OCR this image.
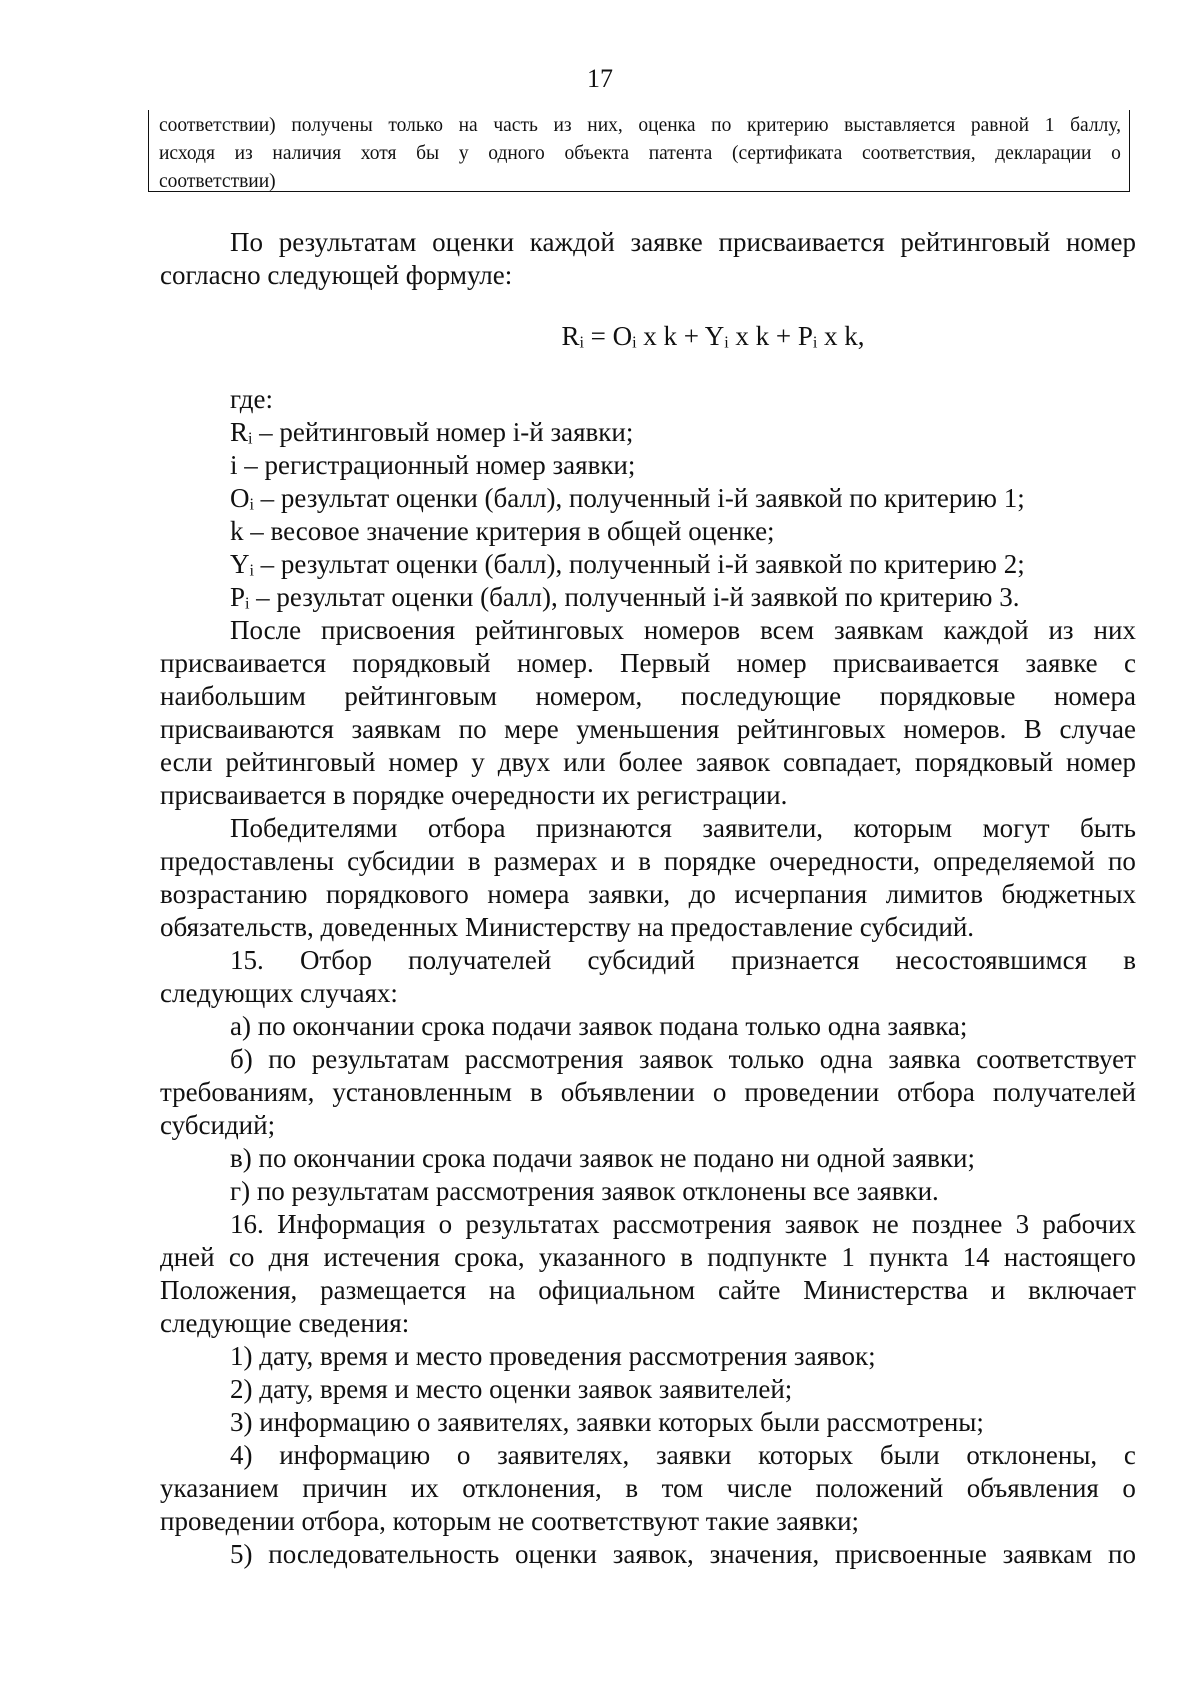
17
соответствии) получены только на часть из них, оценка по критерию выставляется равной 1 баллу,
исходя из наличия хотя бы у одного объекта патента (сертификата соответствия, декларации о
соответствии)
По результатам оценки каждой заявке присваивается рейтинговый номер
согласно следующей формуле:
Rᵢ = Oᵢ x k + Yᵢ x k + Pᵢ x k,
где:
Rᵢ – рейтинговый номер i-й заявки;
i – регистрационный номер заявки;
Oᵢ – результат оценки (балл), полученный i-й заявкой по критерию 1;
k – весовое значение критерия в общей оценке;
Yᵢ – результат оценки (балл), полученный i-й заявкой по критерию 2;
Pᵢ – результат оценки (балл), полученный i-й заявкой по критерию 3.
После присвоения рейтинговых номеров всем заявкам каждой из них
присваивается порядковый номер. Первый номер присваивается заявке с
наибольшим рейтинговым номером, последующие порядковые номера
присваиваются заявкам по мере уменьшения рейтинговых номеров. В случае
если рейтинговый номер у двух или более заявок совпадает, порядковый номер
присваивается в порядке очередности их регистрации.
Победителями отбора признаются заявители, которым могут быть
предоставлены субсидии в размерах и в порядке очередности, определяемой по
возрастанию порядкового номера заявки, до исчерпания лимитов бюджетных
обязательств, доведенных Министерству на предоставление субсидий.
15. Отбор получателей субсидий признается несостоявшимся в
следующих случаях:
а) по окончании срока подачи заявок подана только одна заявка;
б) по результатам рассмотрения заявок только одна заявка соответствует
требованиям, установленным в объявлении о проведении отбора получателей
субсидий;
в) по окончании срока подачи заявок не подано ни одной заявки;
г) по результатам рассмотрения заявок отклонены все заявки.
16. Информация о результатах рассмотрения заявок не позднее 3 рабочих
дней со дня истечения срока, указанного в подпункте 1 пункта 14 настоящего
Положения, размещается на официальном сайте Министерства и включает
следующие сведения:
1) дату, время и место проведения рассмотрения заявок;
2) дату, время и место оценки заявок заявителей;
3) информацию о заявителях, заявки которых были рассмотрены;
4) информацию о заявителях, заявки которых были отклонены, с
указанием причин их отклонения, в том числе положений объявления о
проведении отбора, которым не соответствуют такие заявки;
5) последовательность оценки заявок, значения, присвоенные заявкам по
